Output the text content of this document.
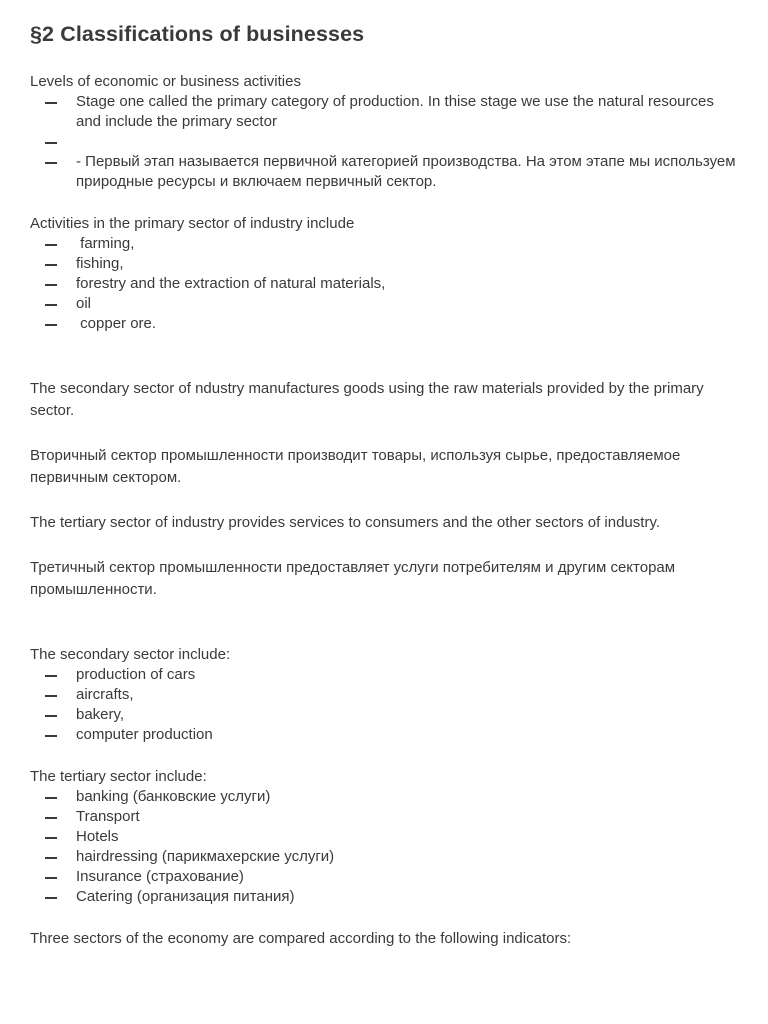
§2 Classifications of businesses

Levels of economic or business activities

Stage one called the primary category of production. In thise stage we use the natural resources and include the primary sector
- Первый этап называется первичной категорией производства. На этом этапе мы используем природные ресурсы и включаем первичный сектор.

Activities in the primary sector of industry include

farming,
fishing,
forestry and the extraction of natural materials,
oil
copper ore.

The secondary sector of ndustry manufactures goods using the raw materials provided by the primary sector.

Вторичный сектор промышленности производит товары, используя сырье, предоставляемое первичным сектором.

The tertiary sector of industry provides services to consumers and the other sectors of industry.

Третичный сектор промышленности предоставляет услуги потребителям и другим секторам промышленности.

The secondary sector include:

production of cars
aircrafts,
bakery,
computer production

The tertiary sector include:

banking (банковские услуги)
Transport
Hotels
hairdressing (парикмахерские услуги)
Insurance (страхование)
Catering (организация питания)

Three sectors of the economy are compared according to the following indicators:
